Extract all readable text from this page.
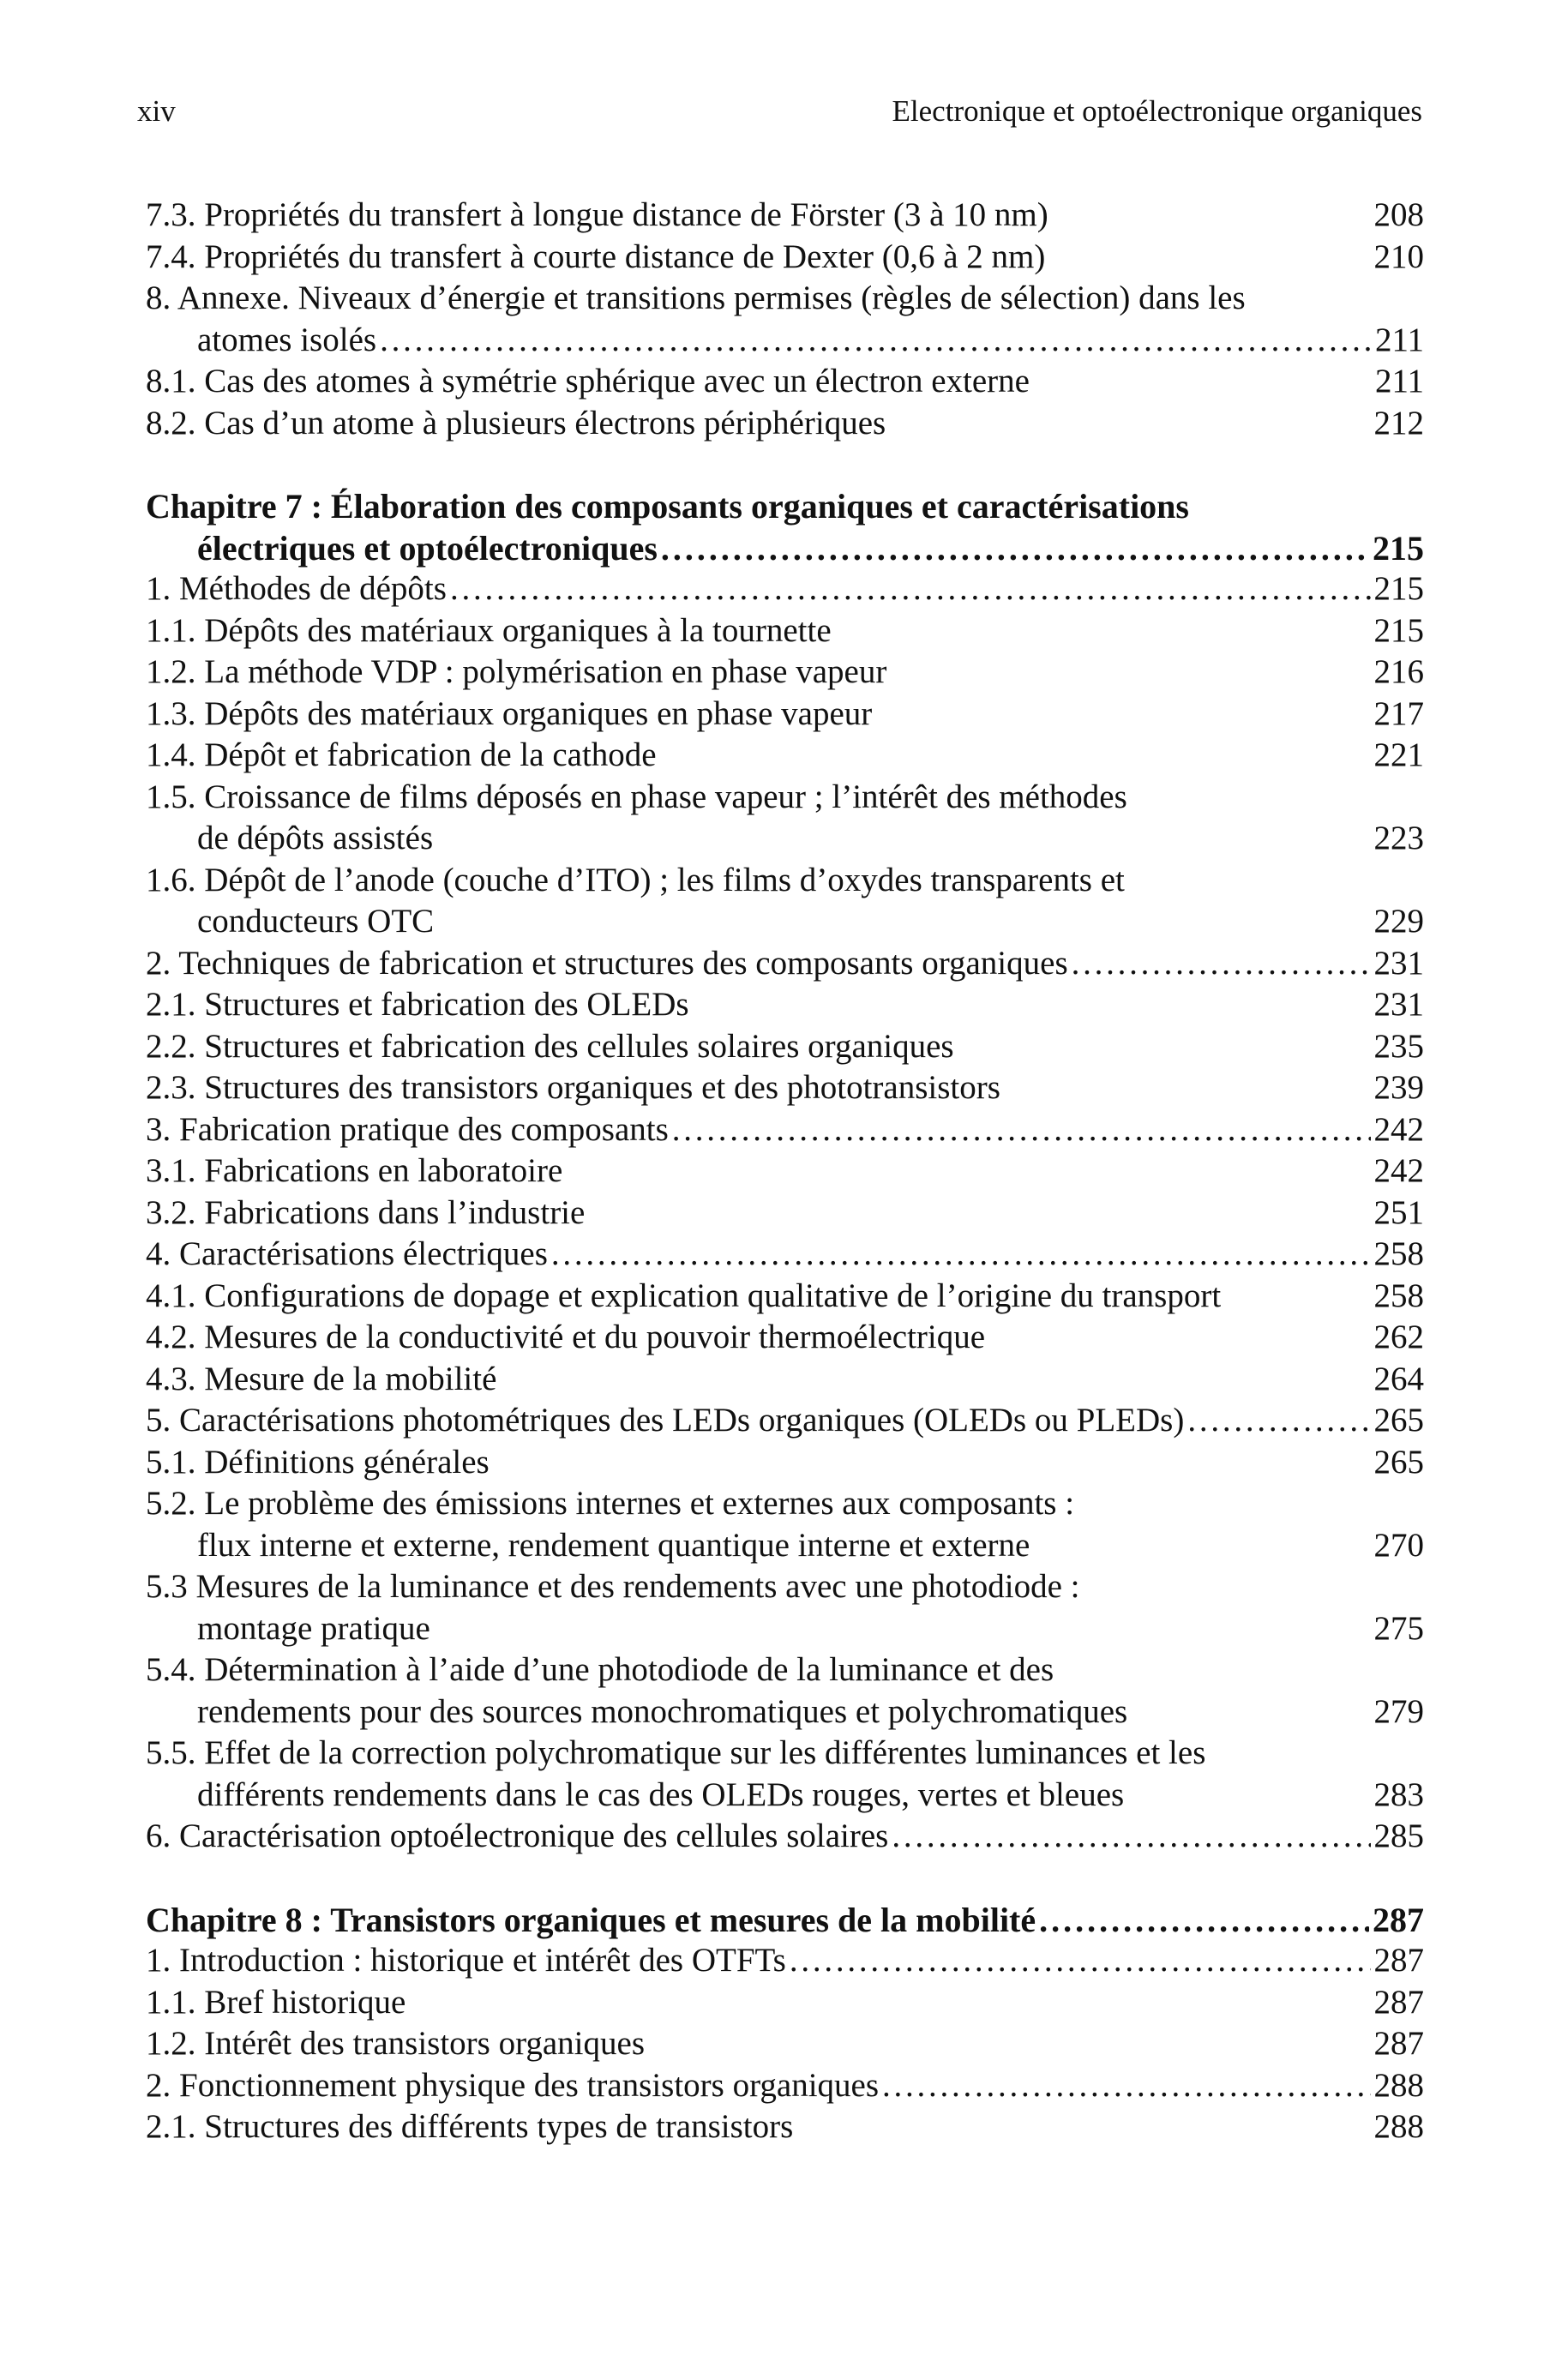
xiv	Electronique et optoélectronique organiques
7.3. Propriétés du transfert à longue distance de Förster (3 à 10 nm)	208
7.4. Propriétés du transfert à courte distance de Dexter (0,6 à 2 nm)	210
8. Annexe. Niveaux d’énergie et transitions permises (règles de sélection) dans les
atomes isolés . . .	211
8.1. Cas des atomes à symétrie sphérique avec un électron externe	211
8.2. Cas d’un atome à plusieurs électrons périphériques	212
Chapitre 7 : Élaboration des composants organiques et caractérisations
électriques et optoélectroniques . . .	215
1. Méthodes de dépôts . . .	215
1.1. Dépôts des matériaux organiques à la tournette	215
1.2. La méthode VDP : polymérisation en phase vapeur	216
1.3. Dépôts des matériaux organiques en phase vapeur	217
1.4. Dépôt et fabrication de la cathode	221
1.5. Croissance de films déposés en phase vapeur ; l’intérêt des méthodes
de dépôts assistés	223
1.6. Dépôt de l’anode (couche d’ITO) ; les films d’oxydes transparents et
conducteurs OTC	229
2. Techniques de fabrication et structures des composants organiques . . .	231
2.1. Structures et fabrication des OLEDs	231
2.2. Structures et fabrication des cellules solaires organiques	235
2.3. Structures des transistors organiques et des phototransistors	239
3. Fabrication pratique des composants . . .	242
3.1. Fabrications en laboratoire	242
3.2. Fabrications dans l’industrie	251
4. Caractérisations électriques . . .	258
4.1. Configurations de dopage et explication qualitative de l’origine du transport	258
4.2. Mesures de la conductivité et du pouvoir thermoélectrique	262
4.3. Mesure de la mobilité	264
5. Caractérisations photométriques des LEDs organiques (OLEDs ou PLEDs) . . .	265
5.1. Définitions générales	265
5.2. Le problème des émissions internes et externes aux composants :
flux interne et externe, rendement quantique interne et externe	270
5.3 Mesures de la luminance et des rendements avec une photodiode :
montage pratique	275
5.4. Détermination à l’aide d’une photodiode de la luminance et des
rendements pour des sources monochromatiques et polychromatiques	279
5.5. Effet de la correction polychromatique sur les différentes luminances et les
différents rendements dans le cas des OLEDs rouges, vertes et bleues	283
6. Caractérisation optoélectronique des cellules solaires . . .	285
Chapitre 8 : Transistors organiques et mesures de la mobilité . . .	287
1. Introduction : historique et intérêt des OTFTs . . .	287
1.1. Bref historique	287
1.2. Intérêt des transistors organiques	287
2. Fonctionnement physique des transistors organiques . . .	288
2.1. Structures des différents types de transistors	288
